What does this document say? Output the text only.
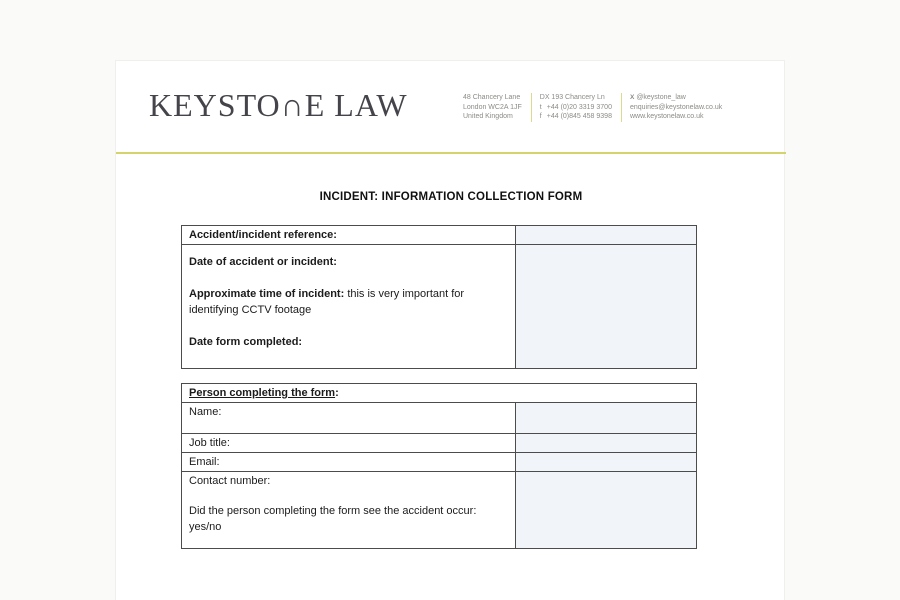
KEYSTO∩E LAW	48 Chancery Lane
London WC2A 1JF
United Kingdom
DX 193 Chancery Ln
t +44 (0)20 3319 3700
f +44 (0)845 458 9398
X @keystone_law
enquiries@keystonelaw.co.uk
www.keystonelaw.co.uk
INCIDENT: INFORMATION COLLECTION FORM
Accident/incident reference:	

Date of accident or incident:
Approximate time of incident: this is very important for identifying CCTV footage
Date form completed:	

Person completing the form:	
Name:	
Job title:	
Email:	

Contact number:
Did the person completing the form see the accident occur: yes/no	
